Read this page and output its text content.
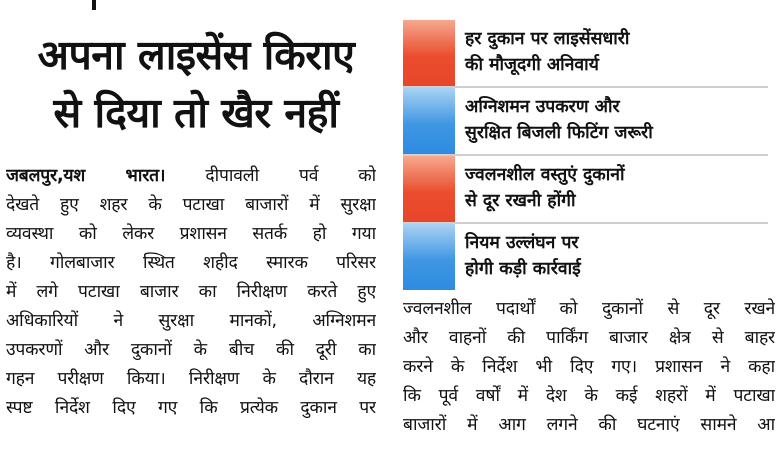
अपना लाइसेंस किराए
से दिया तो खैर नहीं
जबलपुर,यश भारत। दीपावली पर्व को
देखते हुए शहर के पटाखा बाजारों में सुरक्षा
व्यवस्था को लेकर प्रशासन सतर्क हो गया
है। गोलबाजार स्थित शहीद स्मारक परिसर
में लगे पटाखा बाजार का निरीक्षण करते हुए
अधिकारियों ने सुरक्षा मानकों, अग्निशमन
उपकरणों और दुकानों के बीच की दूरी का
गहन परीक्षण किया। निरीक्षण के दौरान यह
स्पष्ट निर्देश दिए गए कि प्रत्येक दुकान पर
हर दुकान पर लाइसेंसधारी
की मौजूदगी अनिवार्य
अग्निशमन उपकरण और
सुरक्षित बिजली फिटिंग जरूरी
ज्वलनशील वस्तुएं दुकानों
से दूर रखनी होंगी
नियम उल्लंघन पर
होगी कड़ी कार्रवाई
ज्वलनशील पदार्थों को दुकानों से दूर रखने
और वाहनों की पार्किंग बाजार क्षेत्र से बाहर
करने के निर्देश भी दिए गए। प्रशासन ने कहा
कि पूर्व वर्षों में देश के कई शहरों में पटाखा
बाजारों में आग लगने की घटनाएं सामने आ
